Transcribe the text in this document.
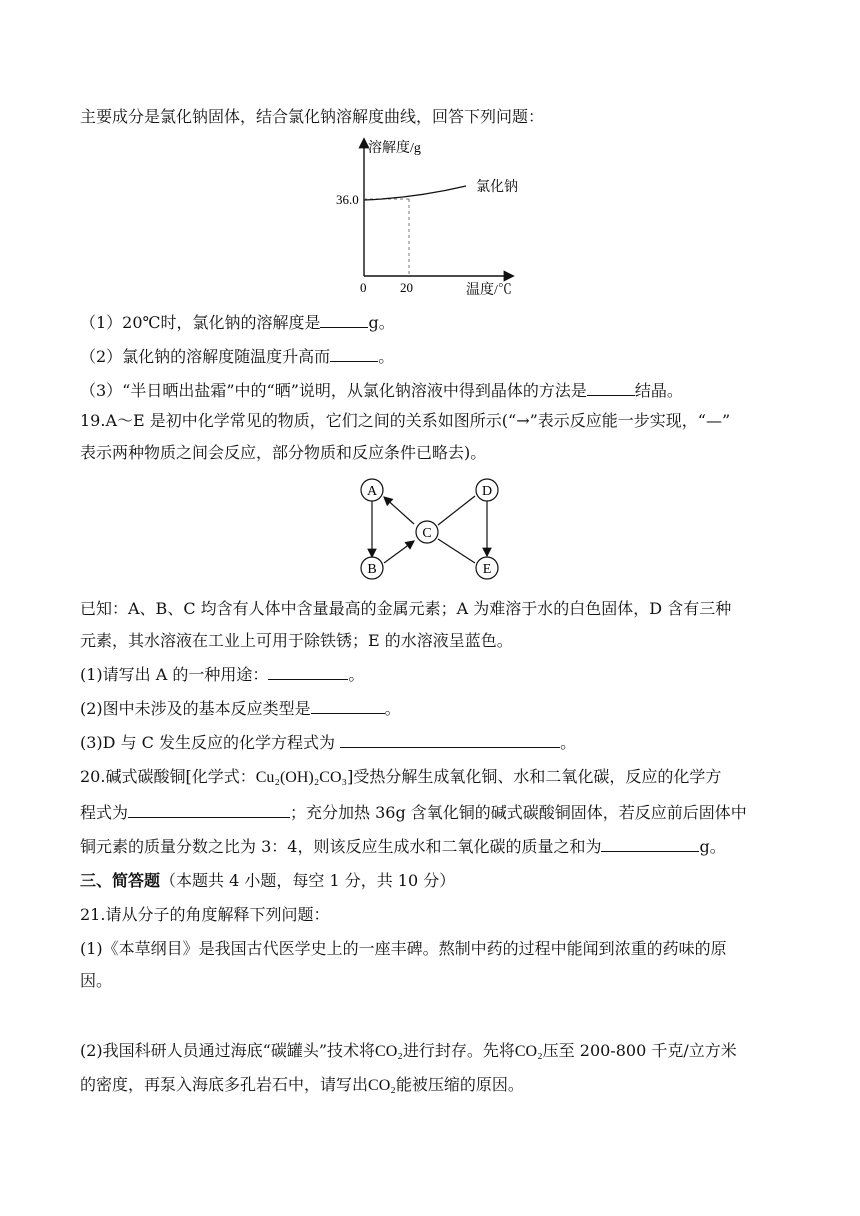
主要成分是氯化钠固体，结合氯化钠溶解度曲线，回答下列问题：
溶解度/g
温度/℃
36.0
0	20
氯化钠
（1）20℃时，氯化钠的溶解度是	g。
（2）氯化钠的溶解度随温度升高而	。
（3）“半日晒出盐霜”中的“晒”说明，从氯化钠溶液中得到晶体的方法是	结晶。
19.A～E 是初中化学常见的物质，它们之间的关系如图所示(“→”表示反应能一步实现，“—”
表示两种物质之间会反应，部分物质和反应条件已略去)。
A
B
C
D
E
已知：A、B、C 均含有人体中含量最高的金属元素；A 为难溶于水的白色固体，D 含有三种
元素，其水溶液在工业上可用于除铁锈；E 的水溶液呈蓝色。
(1)请写出 A 的一种用途：	。
(2)图中未涉及的基本反应类型是	。
(3)D 与 C 发生反应的化学方程式为	。
20.碱式碳酸铜[化学式：Cu₂(OH)₂CO₃]受热分解生成氧化铜、水和二氧化碳，反应的化学方
程式为	；充分加热 36g 含氧化铜的碱式碳酸铜固体，若反应前后固体中
铜元素的质量分数之比为 3：4，则该反应生成水和二氧化碳的质量之和为	g。
三、简答题（本题共 4 小题，每空 1 分，共 10 分）
21.请从分子的角度解释下列问题：
(1)《本草纲目》是我国古代医学史上的一座丰碑。熬制中药的过程中能闻到浓重的药味的原
因。
(2)我国科研人员通过海底“碳罐头”技术将CO₂进行封存。先将CO₂压至 200-800 千克/立方米
的密度，再泵入海底多孔岩石中，请写出CO₂能被压缩的原因。
